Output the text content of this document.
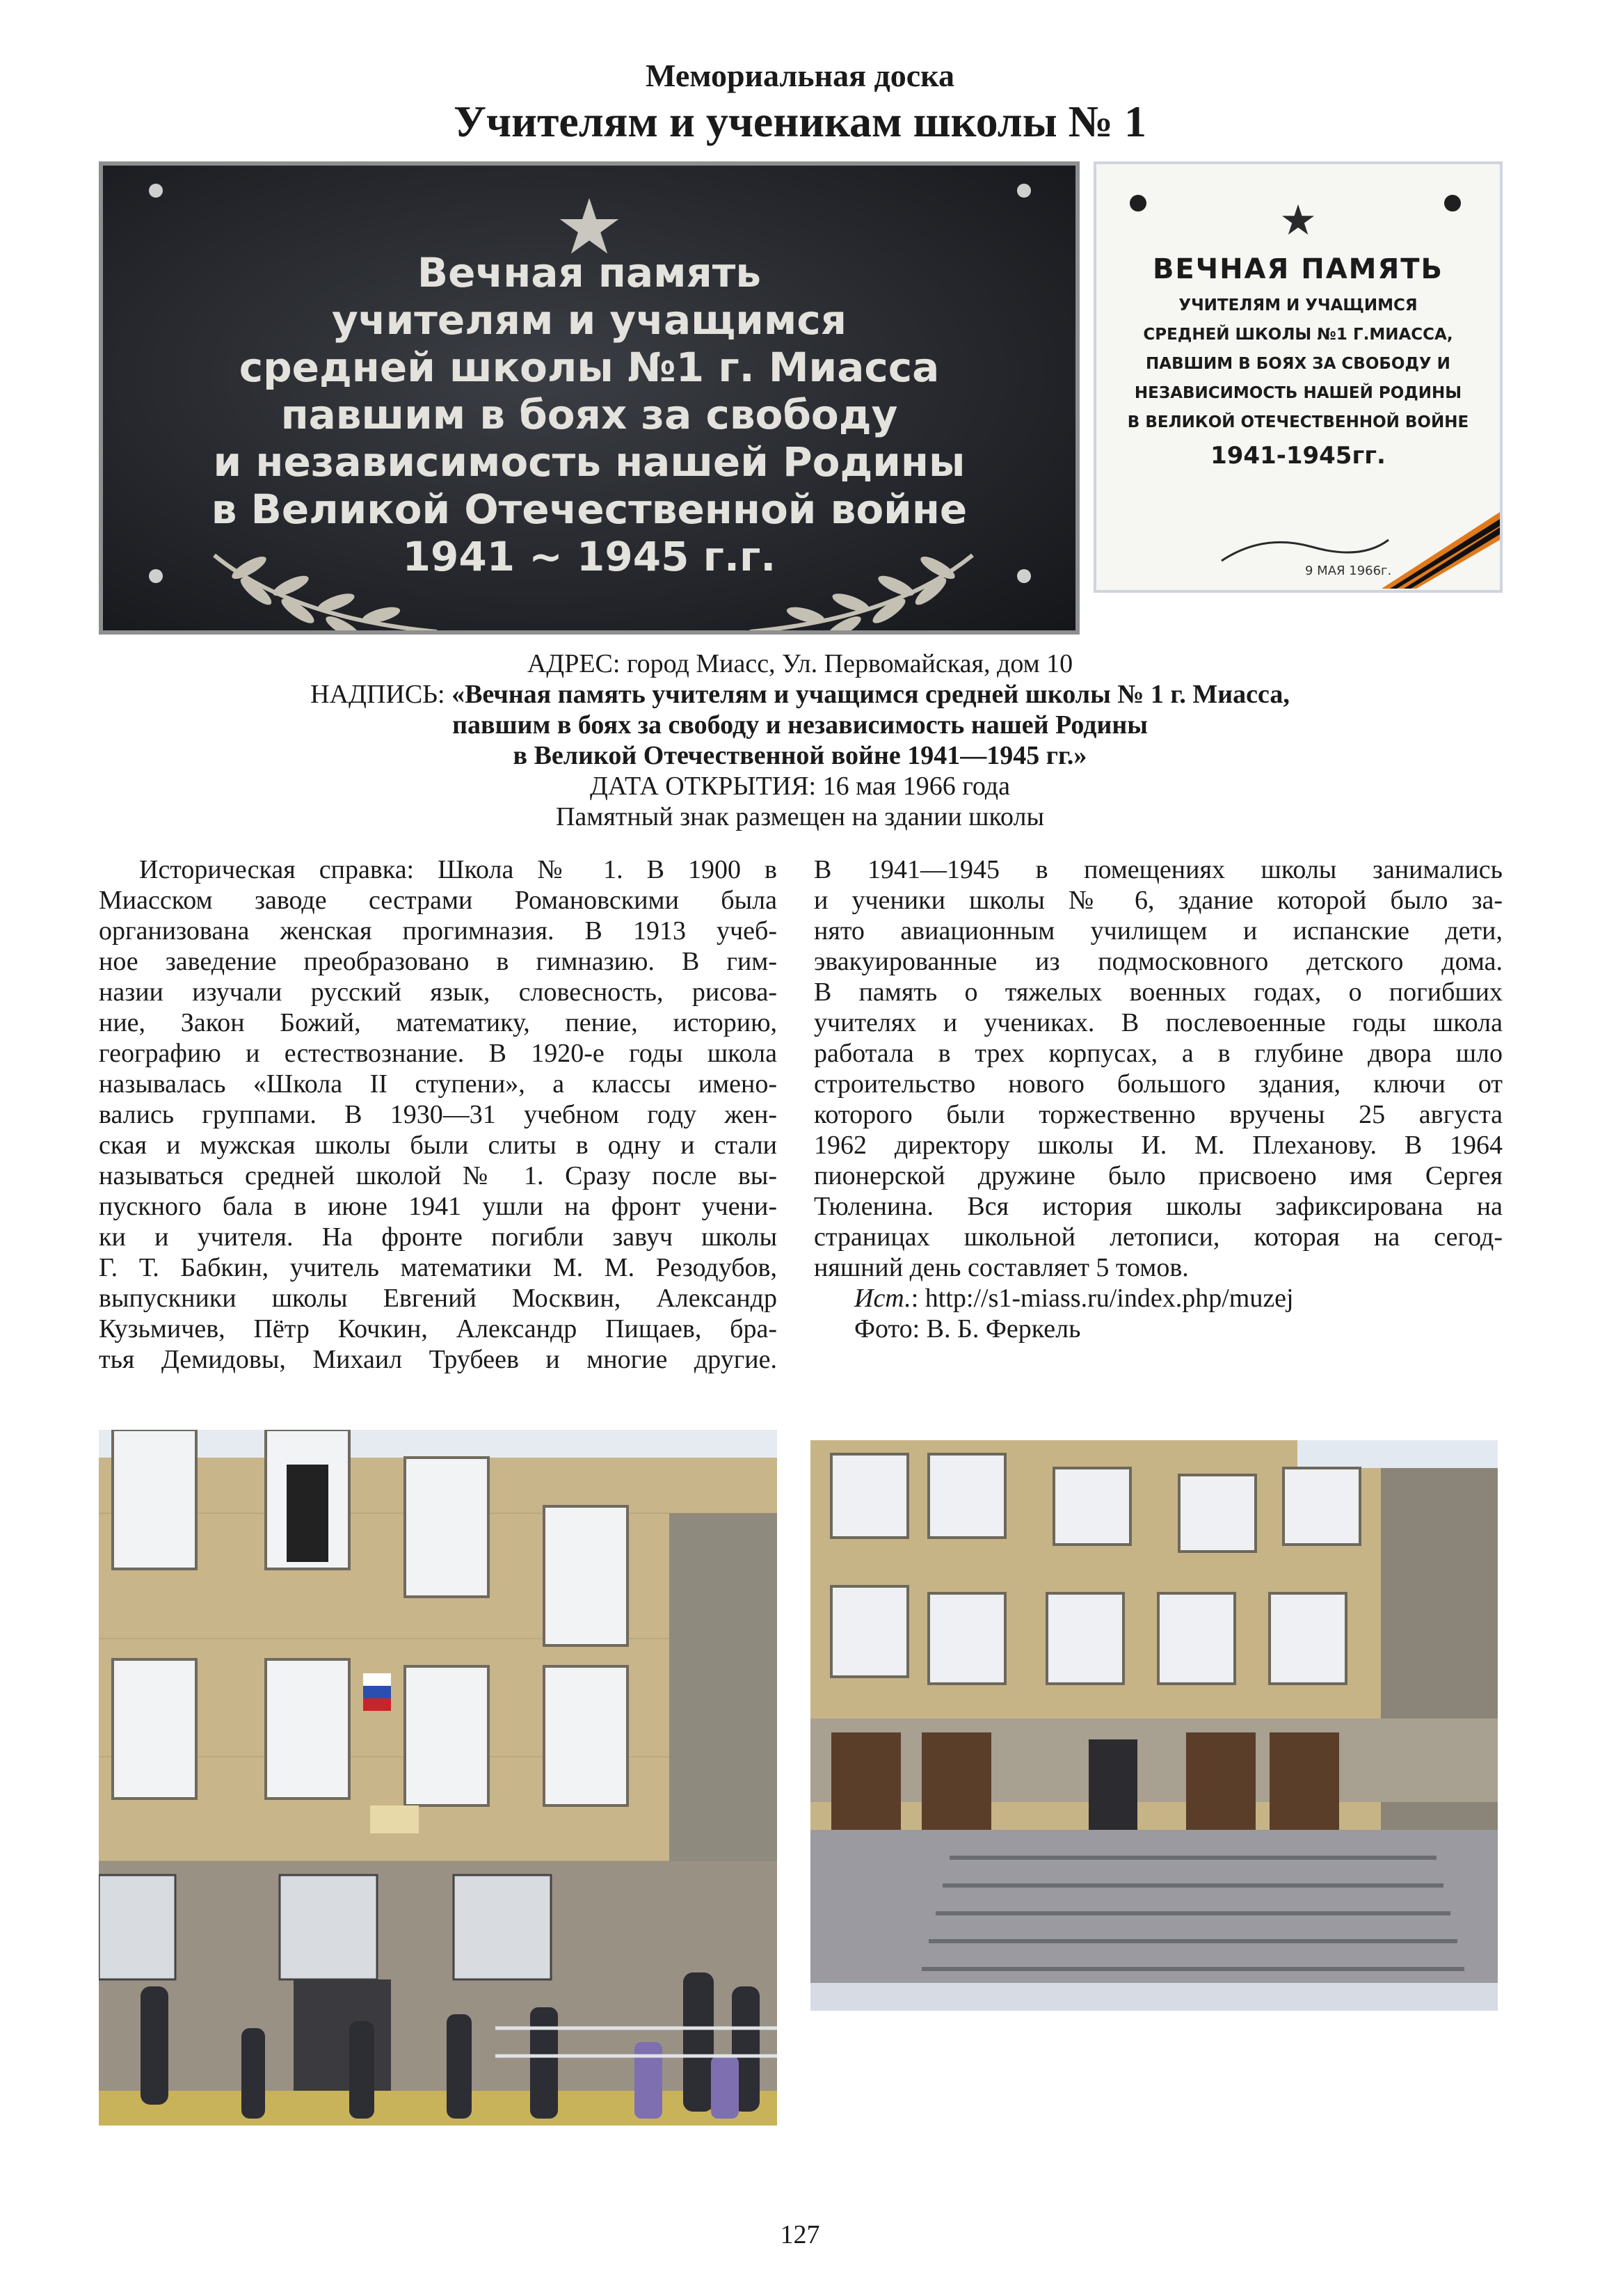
Мемориальная доска
Учителям и ученикам школы № 1
★
Вечная память
учителям и учащимся
средней школы №1 г. Миасса
павшим в боях за свободу
и независимость нашей Родины
в Великой Отечественной войне
1941 ~ 1945 г.г.
★
ВЕЧНАЯ ПАМЯТЬ
УЧИТЕЛЯМ И УЧАЩИМСЯ
СРЕДНЕЙ ШКОЛЫ №1 Г.МИАССА,
ПАВШИМ В БОЯХ ЗА СВОБОДУ И
НЕЗАВИСИМОСТЬ НАШЕЙ РОДИНЫ
В ВЕЛИКОЙ ОТЕЧЕСТВЕННОЙ ВОЙНЕ
1941-1945гг.
9 МАЯ 1966г.
АДРЕС: город Миасс, Ул. Первомайская, дом 10
НАДПИСЬ: «Вечная память учителям и учащимся средней школы № 1 г. Миасса,
павшим в боях за свободу и независимость нашей Родины
в Великой Отечественной войне 1941—1945 гг.»
ДАТА ОТКРЫТИЯ: 16 мая 1966 года
Памятный знак размещен на здании школы
Историческая справка: Школа № 1. В 1900 в
Миасском заводе сестрами Романовскими была
организована женская прогимназия. В 1913 учеб-
ное заведение преобразовано в гимназию. В гим-
назии изучали русский язык, словесность, рисова-
ние, Закон Божий, математику, пение, историю,
географию и естествознание. В 1920-е годы школа
называлась «Школа II ступени», а классы имено-
вались группами. В 1930—31 учебном году жен-
ская и мужская школы были слиты в одну и стали
называться средней школой № 1. Сразу после вы-
пускного бала в июне 1941 ушли на фронт учени-
ки и учителя. На фронте погибли завуч школы
Г. Т. Бабкин, учитель математики М. М. Резодубов,
выпускники школы Евгений Москвин, Александр
Кузьмичев, Пётр Кочкин, Александр Пищаев, бра-
тья Демидовы, Михаил Трубеев и многие другие.
В 1941—1945 в помещениях школы занимались
и ученики школы № 6, здание которой было за-
нято авиационным училищем и испанские дети,
эвакуированные из подмосковного детского дома.
В память о тяжелых военных годах, о погибших
учителях и учениках. В послевоенные годы школа
работала в трех корпусах, а в глубине двора шло
строительство нового большого здания, ключи от
которого были торжественно вручены 25 августа
1962 директору школы И. М. Плеханову. В 1964
пионерской дружине было присвоено имя Сергея
Тюленина. Вся история школы зафиксирована на
страницах школьной летописи, которая на сегод-
няшний день составляет 5 томов.
Ист.: http://s1-miass.ru/index.php/muzej
Фото: В. Б. Феркель
127
